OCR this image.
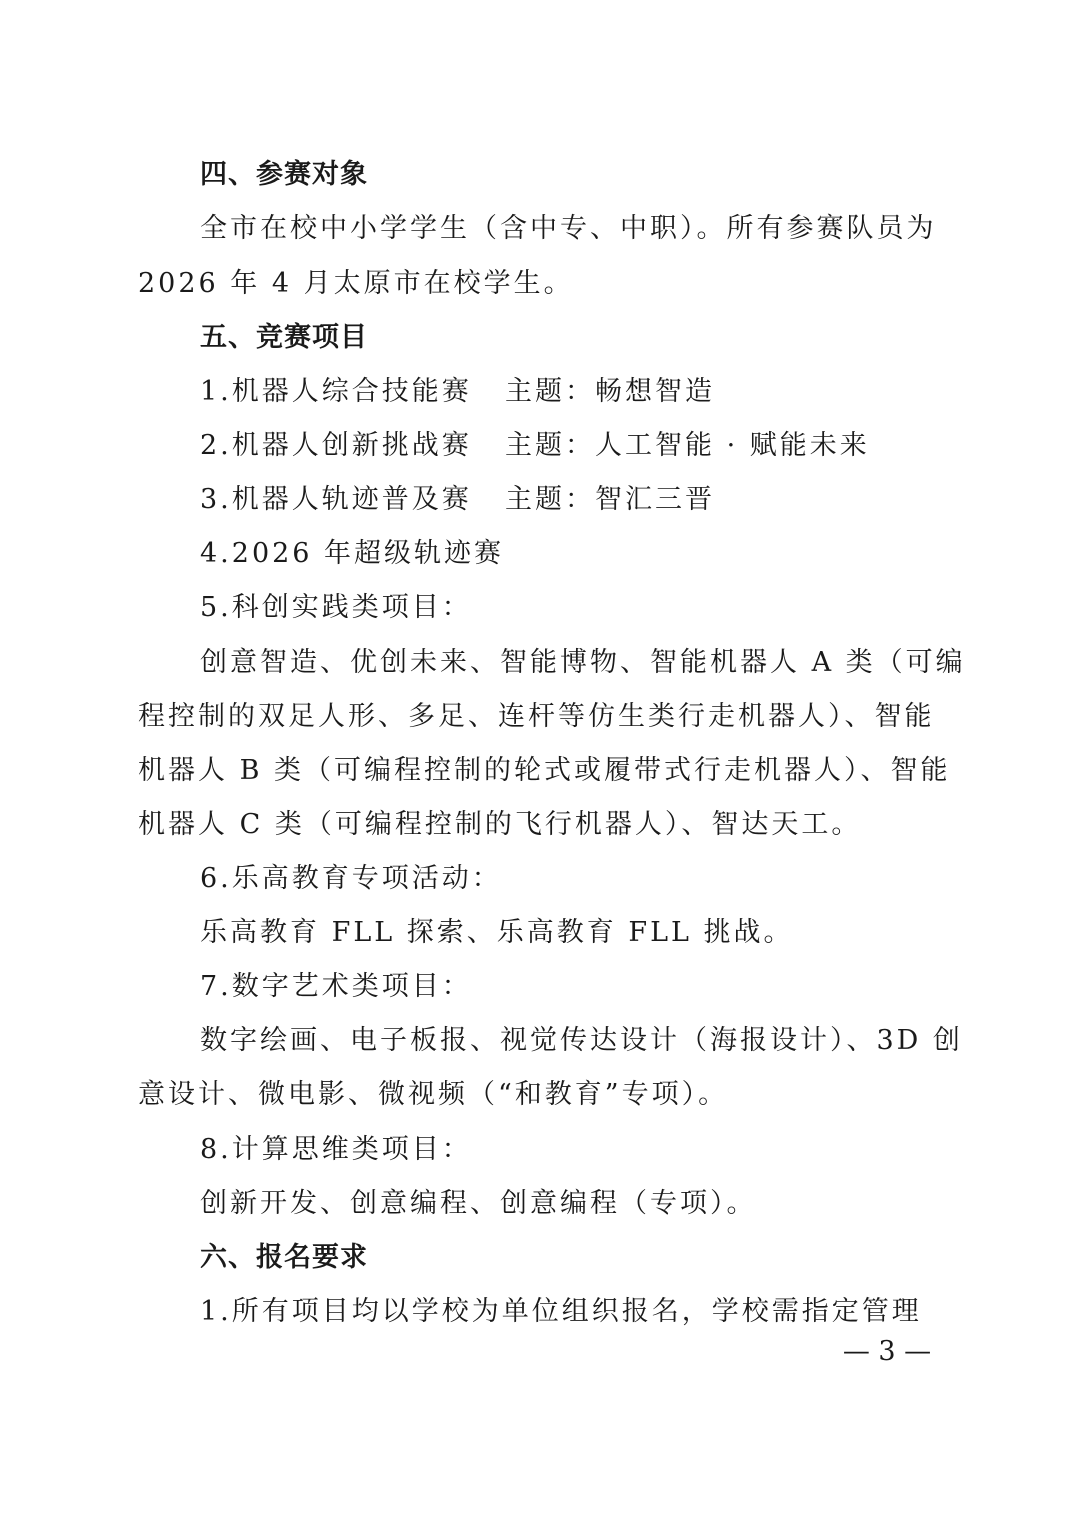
四、参赛对象
全市在校中小学学生（含中专、中职）。所有参赛队员为
2026 年 4 月太原市在校学生。
五、竞赛项目
1.机器人综合技能赛 主题：畅想智造
2.机器人创新挑战赛 主题：人工智能 · 赋能未来
3.机器人轨迹普及赛 主题：智汇三晋
4.2026 年超级轨迹赛
5.科创实践类项目：
创意智造、优创未来、智能博物、智能机器人 A 类（可编
程控制的双足人形、多足、连杆等仿生类行走机器人）、智能
机器人 B 类（可编程控制的轮式或履带式行走机器人）、智能
机器人 C 类（可编程控制的飞行机器人）、智达天工。
6.乐高教育专项活动：
乐高教育 FLL 探索、乐高教育 FLL 挑战。
7.数字艺术类项目：
数字绘画、电子板报、视觉传达设计（海报设计）、3D 创
意设计、微电影、微视频（“和教育”专项）。
8.计算思维类项目：
创新开发、创意编程、创意编程（专项）。
六、报名要求
1.所有项目均以学校为单位组织报名，学校需指定管理
— 3 —
